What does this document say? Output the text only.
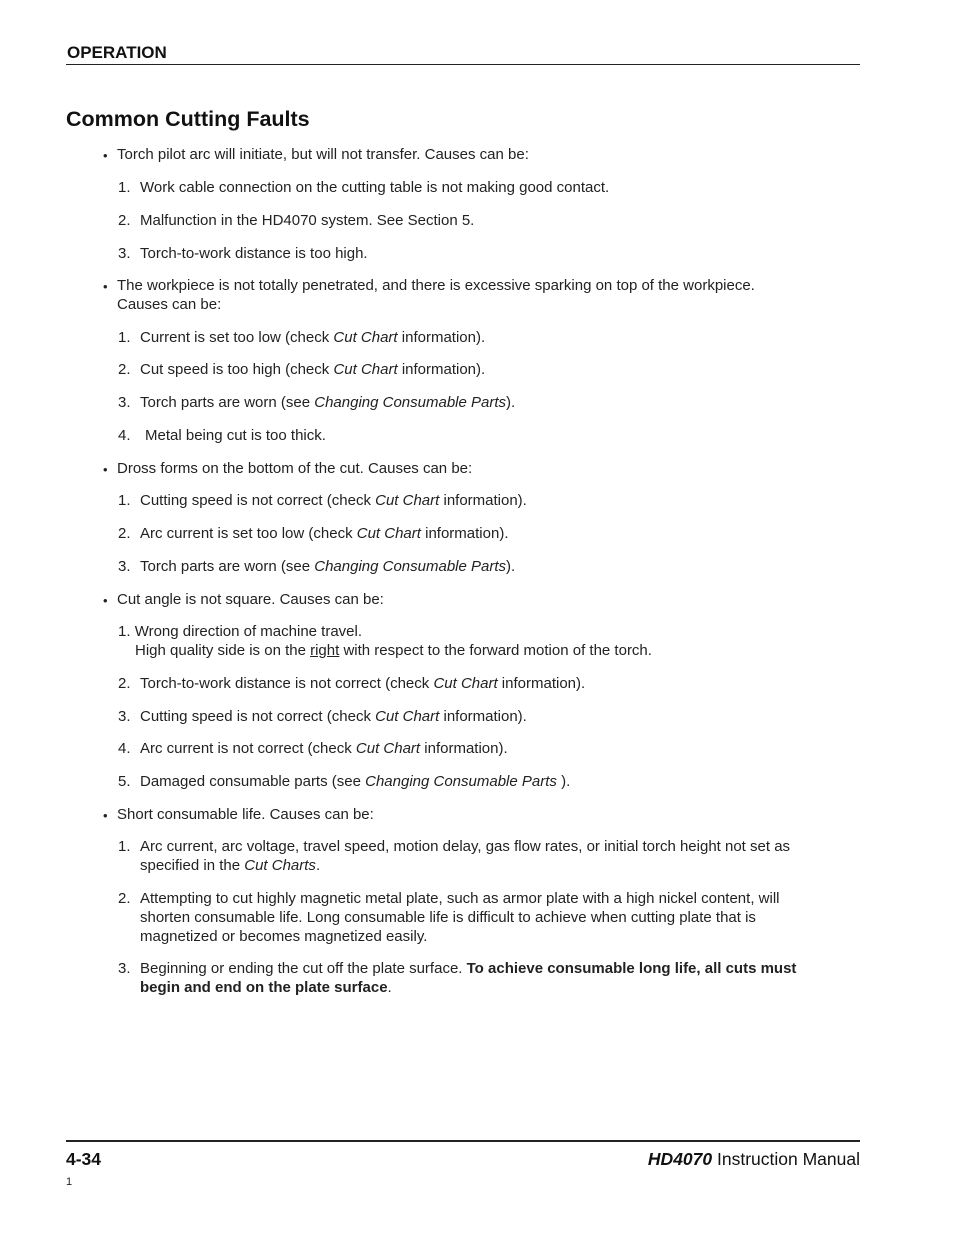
OPERATION
Common Cutting Faults
• Torch pilot arc will initiate, but will not transfer. Causes can be:
1. Work cable connection on the cutting table is not making good contact.
2. Malfunction in the HD4070 system. See Section 5.
3. Torch-to-work distance is too high.
• The workpiece is not totally penetrated, and there is excessive sparking on top of the workpiece.
Causes can be:
1. Current is set too low (check Cut Chart information).
2. Cut speed is too high (check Cut Chart information).
3. Torch parts are worn (see Changing Consumable Parts).
4. Metal being cut is too thick.
• Dross forms on the bottom of the cut. Causes can be:
1. Cutting speed is not correct (check Cut Chart information).
2. Arc current is set too low (check Cut Chart information).
3. Torch parts are worn (see Changing Consumable Parts).
• Cut angle is not square. Causes can be:
1. Wrong direction of machine travel.
High quality side is on the right with respect to the forward motion of the torch.
2. Torch-to-work distance is not correct (check Cut Chart information).
3. Cutting speed is not correct (check Cut Chart information).
4. Arc current is not correct (check Cut Chart information).
5. Damaged consumable parts (see Changing Consumable Parts ).
• Short consumable life. Causes can be:
1. Arc current, arc voltage, travel speed, motion delay, gas flow rates, or initial torch height not set as
specified in the Cut Charts.
2. Attempting to cut highly magnetic metal plate, such as armor plate with a high nickel content, will
shorten consumable life. Long consumable life is difficult to achieve when cutting plate that is
magnetized or becomes magnetized easily.
3. Beginning or ending the cut off the plate surface. To achieve consumable long life, all cuts must
begin and end on the plate surface.
4-34	HD4070 Instruction Manual
1
